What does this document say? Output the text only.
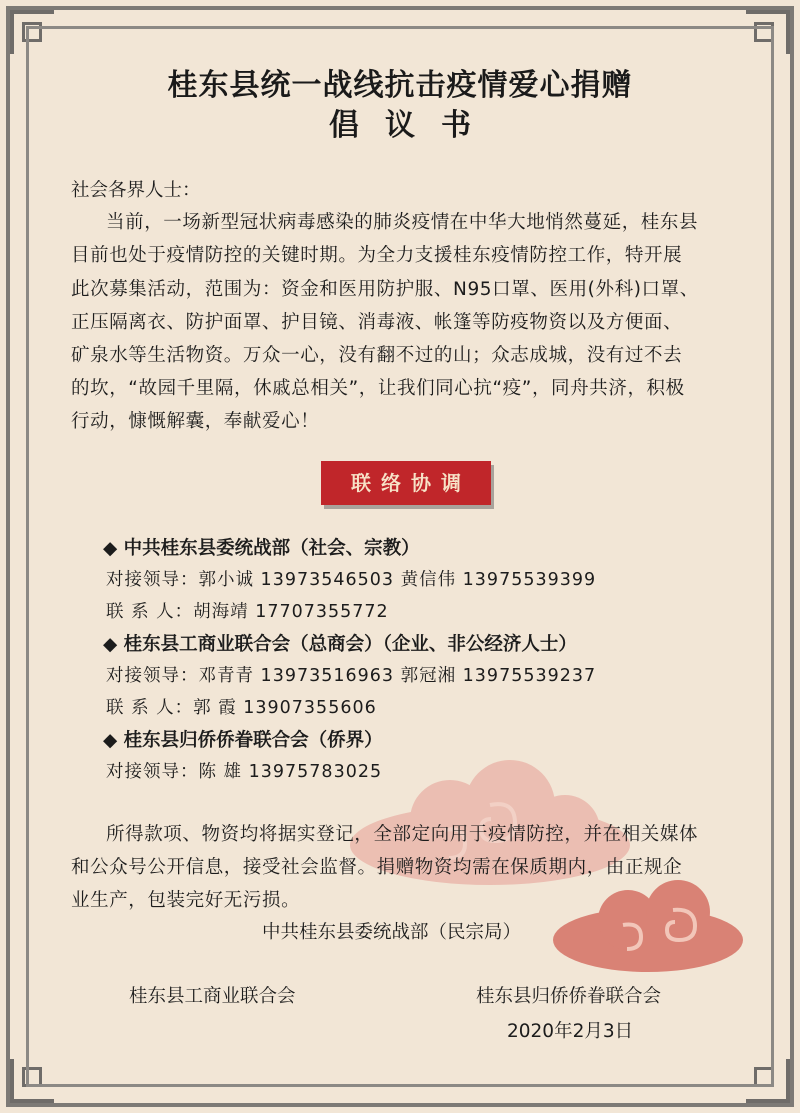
桂东县统一战线抗击疫情爱心捐赠
倡议书
社会各界人士：
当前，一场新型冠状病毒感染的肺炎疫情在中华大地悄然蔓延，桂东县
目前也处于疫情防控的关键时期。为全力支援桂东疫情防控工作，特开展
此次募集活动，范围为：资金和医用防护服、N95口罩、医用(外科)口罩、
正压隔离衣、防护面罩、护目镜、消毒液、帐篷等防疫物资以及方便面、
矿泉水等生活物资。万众一心，没有翻不过的山；众志成城，没有过不去
的坎，“故园千里隔，休戚总相关”，让我们同心抗“疫”，同舟共济，积极
行动，慷慨解囊，奉献爱心！
联络协调
◆ 中共桂东县委统战部（社会、宗教）
对接领导：郭小诚 13973546503 黄信伟 13975539399
联 系 人：胡海靖 17707355772
◆ 桂东县工商业联合会（总商会）（企业、非公经济人士）
对接领导：邓青青 13973516963 郭冠湘 13975539237
联 系 人：郭 霞 13907355606
◆ 桂东县归侨侨眷联合会（侨界）
对接领导：陈 雄 13975783025
所得款项、物资均将据实登记，全部定向用于疫情防控，并在相关媒体
和公众号公开信息，接受社会监督。捐赠物资均需在保质期内，由正规企
业生产，包装完好无污损。
中共桂东县委统战部（民宗局）
桂东县工商业联合会	桂东县归侨侨眷联合会
2020年2月3日
